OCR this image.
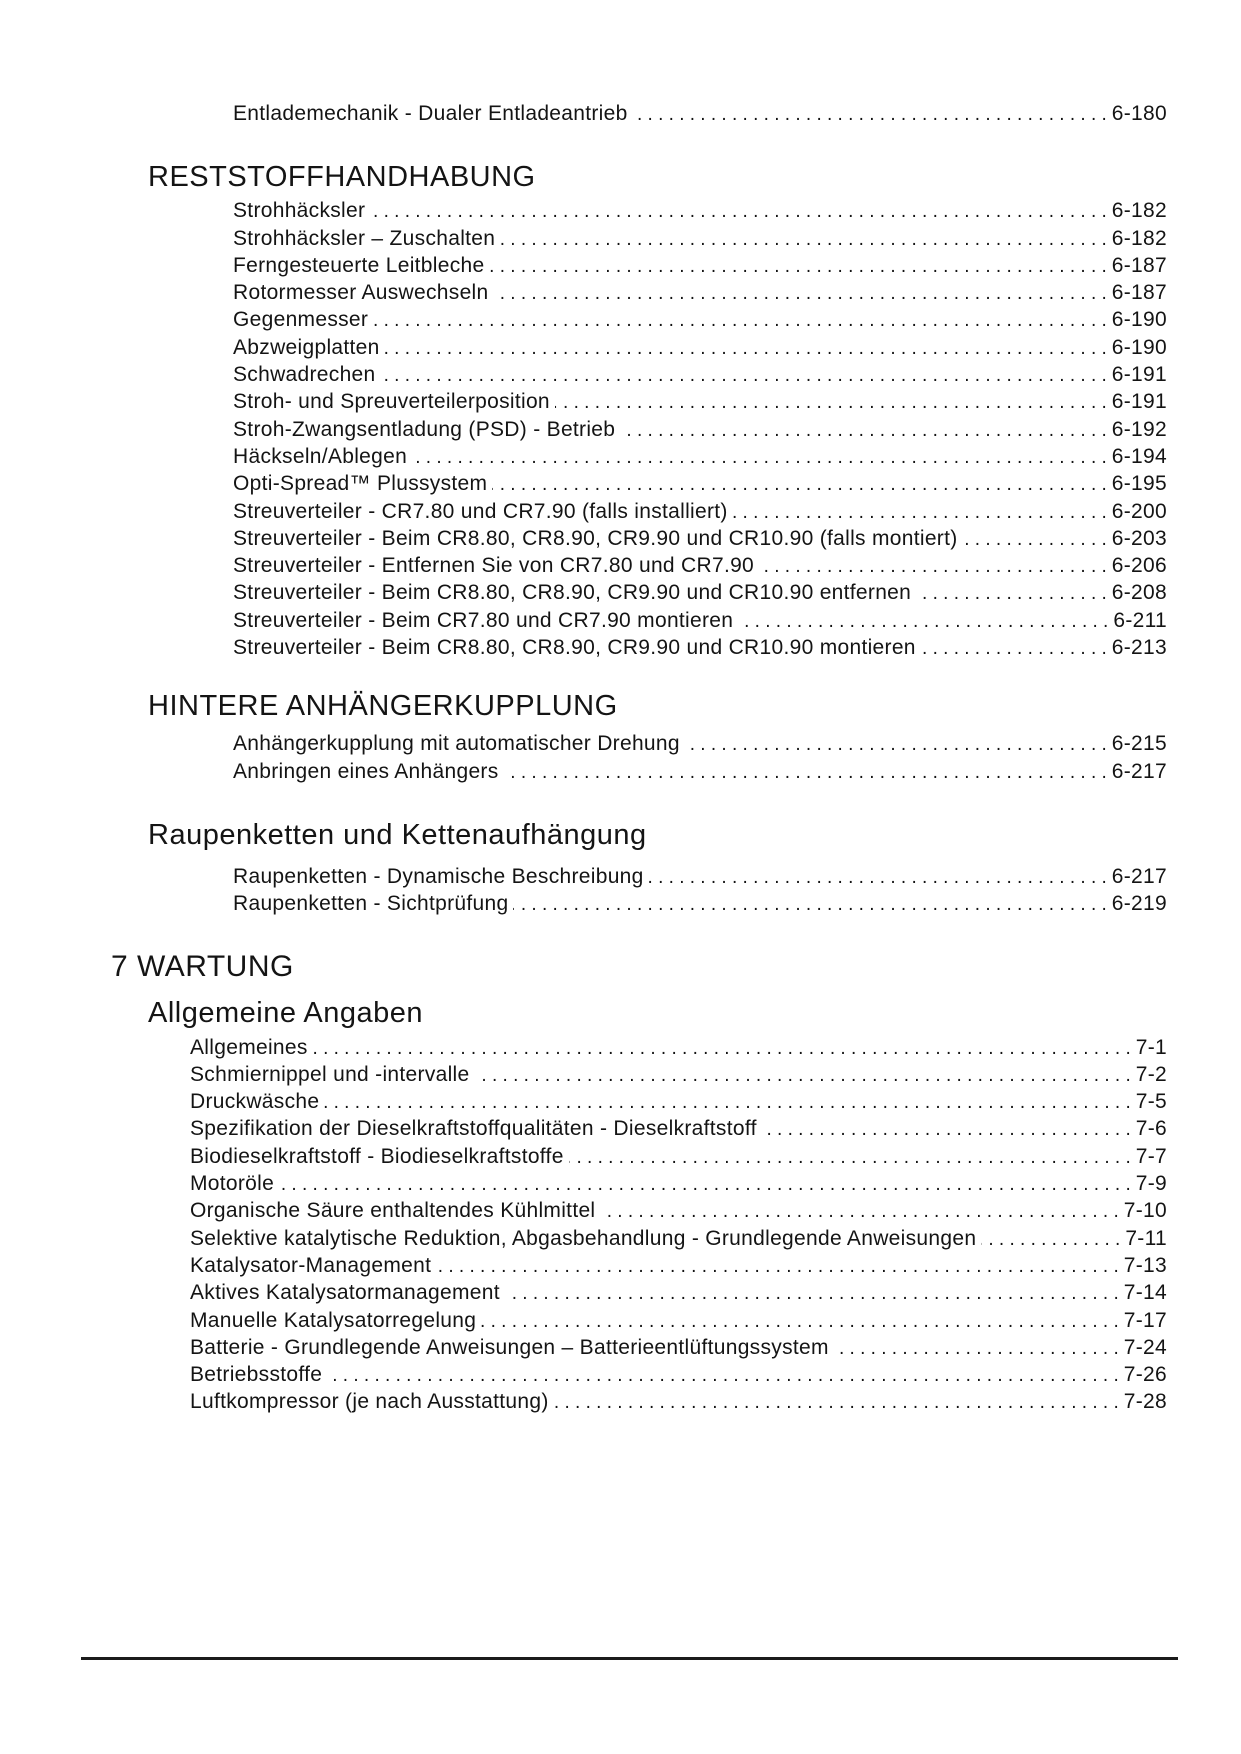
Entlademechanik - Dualer Entladeantrieb . . .	6-180
RESTSTOFFHANDHABUNG
Strohhäcksler . . .	6-182
Strohhäcksler – Zuschalten . . .	6-182
Ferngesteuerte Leitbleche . . .	6-187
Rotormesser Auswechseln . . .	6-187
Gegenmesser . . .	6-190
Abzweigplatten . . .	6-190
Schwadrechen . . .	6-191
Stroh- und Spreuverteilerposition . . .	6-191
Stroh-Zwangsentladung (PSD) - Betrieb . . .	6-192
Häckseln/Ablegen . . .	6-194
Opti-Spread™ Plussystem . . .	6-195
Streuverteiler - CR7.80 und CR7.90 (falls installiert) . . .	6-200
Streuverteiler - Beim CR8.80, CR8.90, CR9.90 und CR10.90 (falls montiert) . . .	6-203
Streuverteiler - Entfernen Sie von CR7.80 und CR7.90 . . .	6-206
Streuverteiler - Beim CR8.80, CR8.90, CR9.90 und CR10.90 entfernen . . .	6-208
Streuverteiler - Beim CR7.80 und CR7.90 montieren . . .	6-211
Streuverteiler - Beim CR8.80, CR8.90, CR9.90 und CR10.90 montieren . . .	6-213
HINTERE ANHÄNGERKUPPLUNG
Anhängerkupplung mit automatischer Drehung . . .	6-215
Anbringen eines Anhängers . . .	6-217
Raupenketten und Kettenaufhängung
Raupenketten - Dynamische Beschreibung . . .	6-217
Raupenketten - Sichtprüfung . . .	6-219
7 WARTUNG
Allgemeine Angaben
Allgemeines . . .	7-1
Schmiernippel und -intervalle . . .	7-2
Druckwäsche . . .	7-5
Spezifikation der Dieselkraftstoffqualitäten - Dieselkraftstoff . . .	7-6
Biodieselkraftstoff - Biodieselkraftstoffe . . .	7-7
Motoröle . . .	7-9
Organische Säure enthaltendes Kühlmittel . . .	7-10
Selektive katalytische Reduktion, Abgasbehandlung - Grundlegende Anweisungen . . .	7-11
Katalysator-Management . . .	7-13
Aktives Katalysatormanagement . . .	7-14
Manuelle Katalysatorregelung . . .	7-17
Batterie - Grundlegende Anweisungen – Batterieentlüftungssystem . . .	7-24
Betriebsstoffe . . .	7-26
Luftkompressor (je nach Ausstattung) . . .	7-28
